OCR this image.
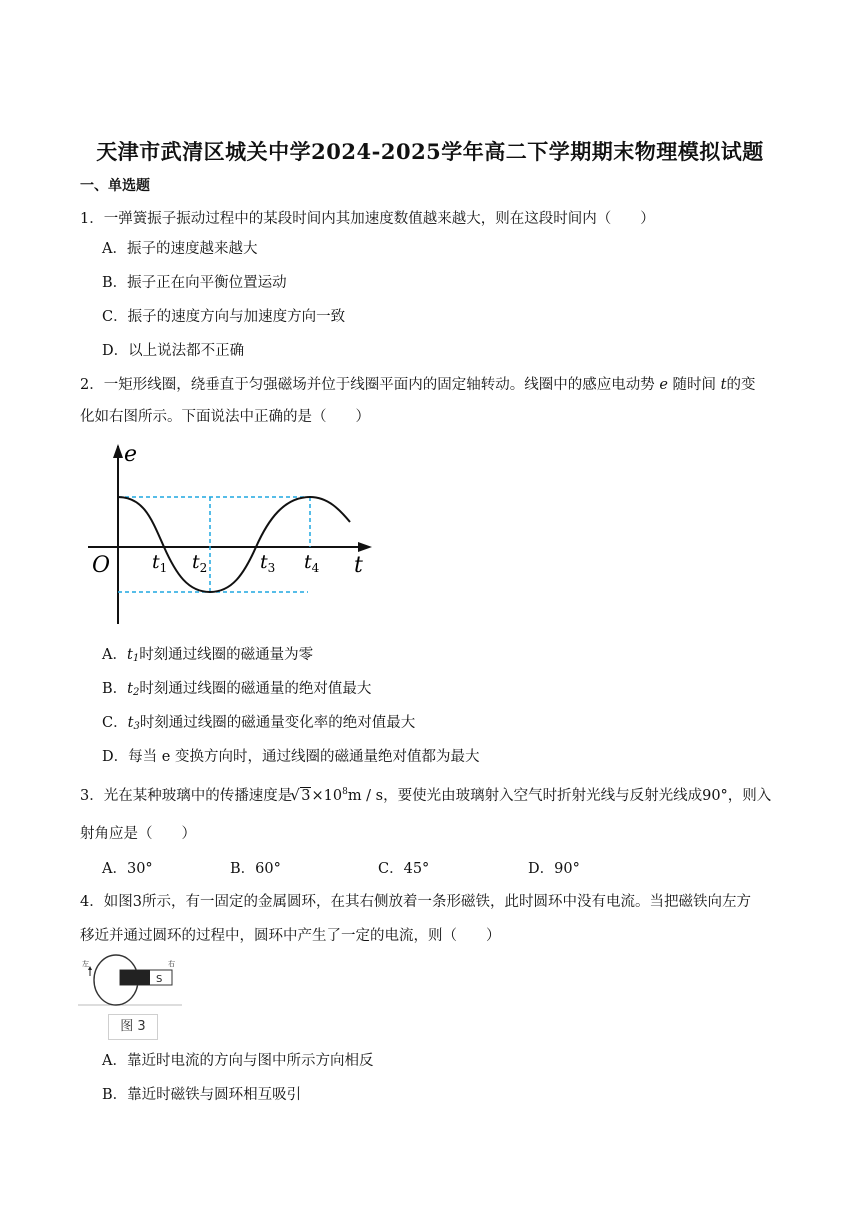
天津市武清区城关中学2024-2025学年高二下学期期末物理模拟试题
一、单选题
1．一弹簧振子振动过程中的某段时间内其加速度数值越来越大，则在这段时间内（　　）
A．振子的速度越来越大
B．振子正在向平衡位置运动
C．振子的速度方向与加速度方向一致
D．以上说法都不正确
2．一矩形线圈，绕垂直于匀强磁场并位于线圈平面内的固定轴转动。线圈中的感应电动势 e 随时间 t的变
化如右图所示。下面说法中正确的是（　　）
e
t
O $t_1$ $t_2$	$t_3$ $t_4$
A．$t_1$时刻通过线圈的磁通量为零
B．$t_2$时刻通过线圈的磁通量的绝对值最大
C．$t_3$时刻通过线圈的磁通量变化率的绝对值最大
D．每当 e 变换方向时，通过线圈的磁通量绝对值都为最大
3．光在某种玻璃中的传播速度是√ $3\times 10^8m / s$，要使光由玻璃射入空气时折射光线与反射光线成90°，则入
射角应是（　　）
A．30°	B．60°	C．45°	D．90°
4．如图3所示，有一固定的金属圆环，在其右侧放着一条形磁铁，此时圆环中没有电流。当把磁铁向左方
移近并通过圆环的过程中，圆环中产生了一定的电流，则（　　）
S
左	右
图 3
A．靠近时电流的方向与图中所示方向相反
B．靠近时磁铁与圆环相互吸引
